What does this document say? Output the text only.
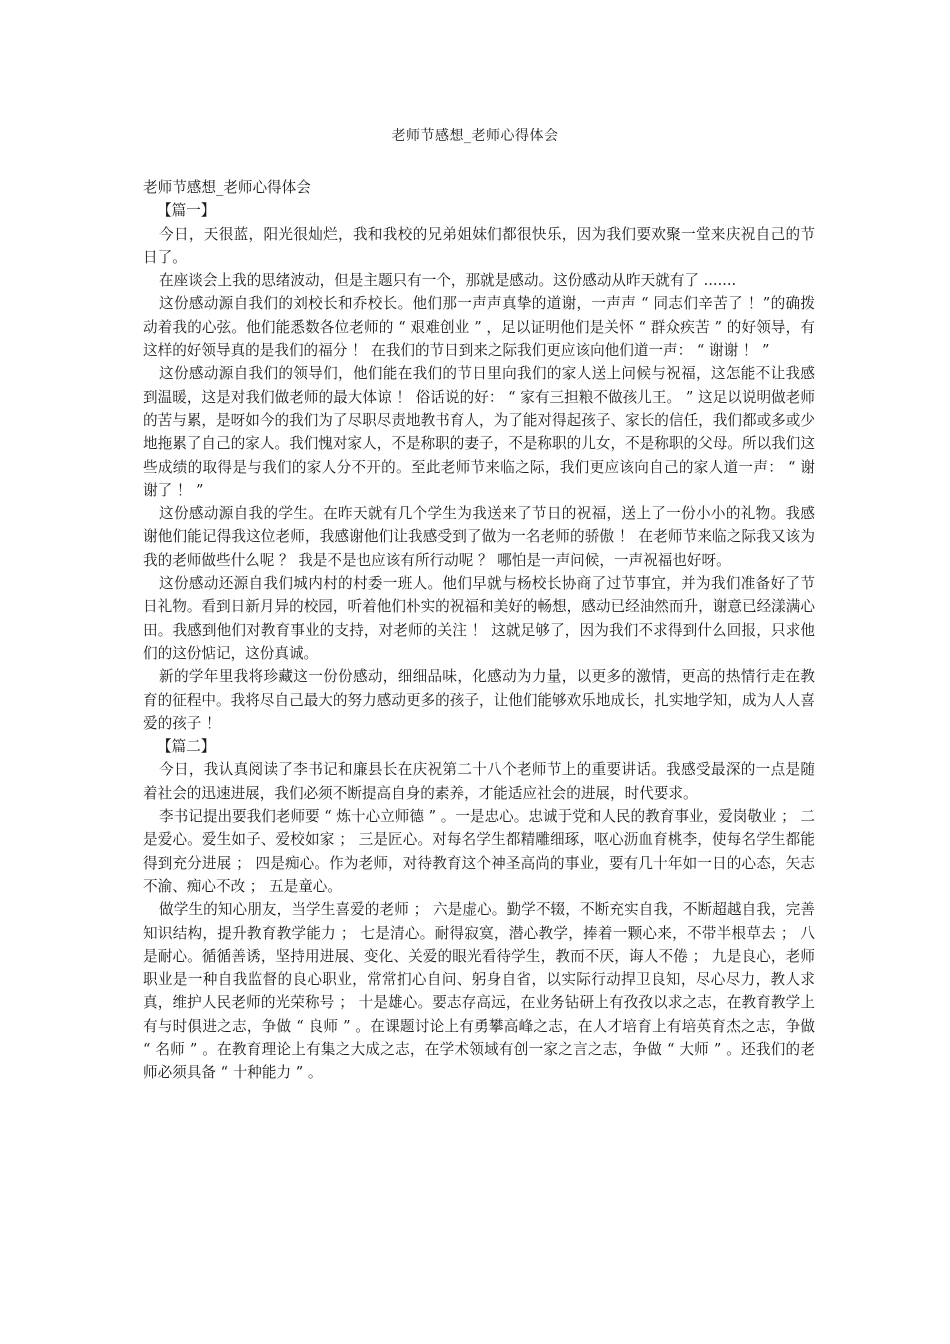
老师节感想_老师心得体会

老师节感想_老师心得体会

【篇一】

今日，天很蓝，阳光很灿烂，我和我校的兄弟姐妹们都很快乐，因为我们要欢聚一堂来庆祝自己的节日了。

在座谈会上我的思绪波动，但是主题只有一个，那就是感动。这份感动从昨天就有了 .......

这份感动源自我们的刘校长和乔校长。他们那一声声真挚的道谢，一声声 “ 同志们辛苦了 ！”的确拨动着我的心弦。他们能悉数各位老师的 “ 艰难创业 ” ，足以证明他们是关怀 “ 群众疾苦 ” 的好领导，有这样的好领导真的是我们的福分 ！ 在我们的节日到来之际我们更应该向他们道一声： “ 谢谢 ！ ”

这份感动源自我们的领导们，他们能在我们的节日里向我们的家人送上问候与祝福，这怎能不让我感到温暖，这是对我们做老师的最大体谅 ！ 俗话说的好： “ 家有三担粮不做孩儿王。 ” 这足以说明做老师的苦与累，是呀如今的我们为了尽职尽责地教书育人，为了能对得起孩子、家长的信任，我们都或多或少地拖累了自己的家人。我们愧对家人，不是称职的妻子，不是称职的儿女，不是称职的父母。所以我们这些成绩的取得是与我们的家人分不开的。至此老师节来临之际，我们更应该向自己的家人道一声： “ 谢谢了 ！ ”

这份感动源自我的学生。在昨天就有几个学生为我送来了节日的祝福，送上了一份小小的礼物。我感谢他们能记得我这位老师，我感谢他们让我感受到了做为一名老师的骄傲 ！ 在老师节来临之际我又该为我的老师做些什么呢 ？ 我是不是也应该有所行动呢 ？ 哪怕是一声问候，一声祝福也好呀。

这份感动还源自我们城内村的村委一班人。他们早就与杨校长协商了过节事宜，并为我们准备好了节日礼物。看到日新月异的校园，听着他们朴实的祝福和美好的畅想，感动已经油然而升，谢意已经漾满心田。我感到他们对教育事业的支持，对老师的关注 ！ 这就足够了，因为我们不求得到什么回报，只求他们的这份惦记，这份真诚。

新的学年里我将珍藏这一份份感动，细细品味，化感动为力量，以更多的激情，更高的热情行走在教育的征程中。我将尽自己最大的努力感动更多的孩子，让他们能够欢乐地成长，扎实地学知，成为人人喜爱的孩子 ！

【篇二】

今日，我认真阅读了李书记和廉县长在庆祝第二十八个老师节上的重要讲话。我感受最深的一点是随着社会的迅速进展，我们必须不断提高自身的素养，才能适应社会的进展，时代要求。

李书记提出要我们老师要 “ 炼十心立师德 ” 。一是忠心。忠诚于党和人民的教育事业，爱岗敬业 ； 二是爱心。爱生如子、爱校如家 ； 三是匠心。对每名学生都精雕细琢，呕心沥血育桃李，使每名学生都能得到充分进展 ； 四是痴心。作为老师，对待教育这个神圣高尚的事业，要有几十年如一日的心态，矢志不渝、痴心不改 ； 五是童心。

做学生的知心朋友，当学生喜爱的老师 ； 六是虚心。勤学不辍，不断充实自我，不断超越自我，完善知识结构，提升教育教学能力 ； 七是清心。耐得寂寞，潜心教学，捧着一颗心来，不带半根草去 ； 八是耐心。循循善诱，坚持用进展、变化、关爱的眼光看待学生，教而不厌，诲人不倦 ； 九是良心，老师职业是一种自我监督的良心职业，常常扪心自问、躬身自省，以实际行动捍卫良知，尽心尽力，教人求真，维护人民老师的光荣称号 ； 十是雄心。要志存高远，在业务钻研上有孜孜以求之志，在教育教学上有与时俱进之志，争做 “ 良师 ” 。在课题讨论上有勇攀高峰之志，在人才培育上有培英育杰之志，争做 “ 名师 ” 。在教育理论上有集之大成之志，在学术领域有创一家之言之志，争做 “ 大师 ” 。还我们的老师必须具备 “ 十种能力 ” 。
